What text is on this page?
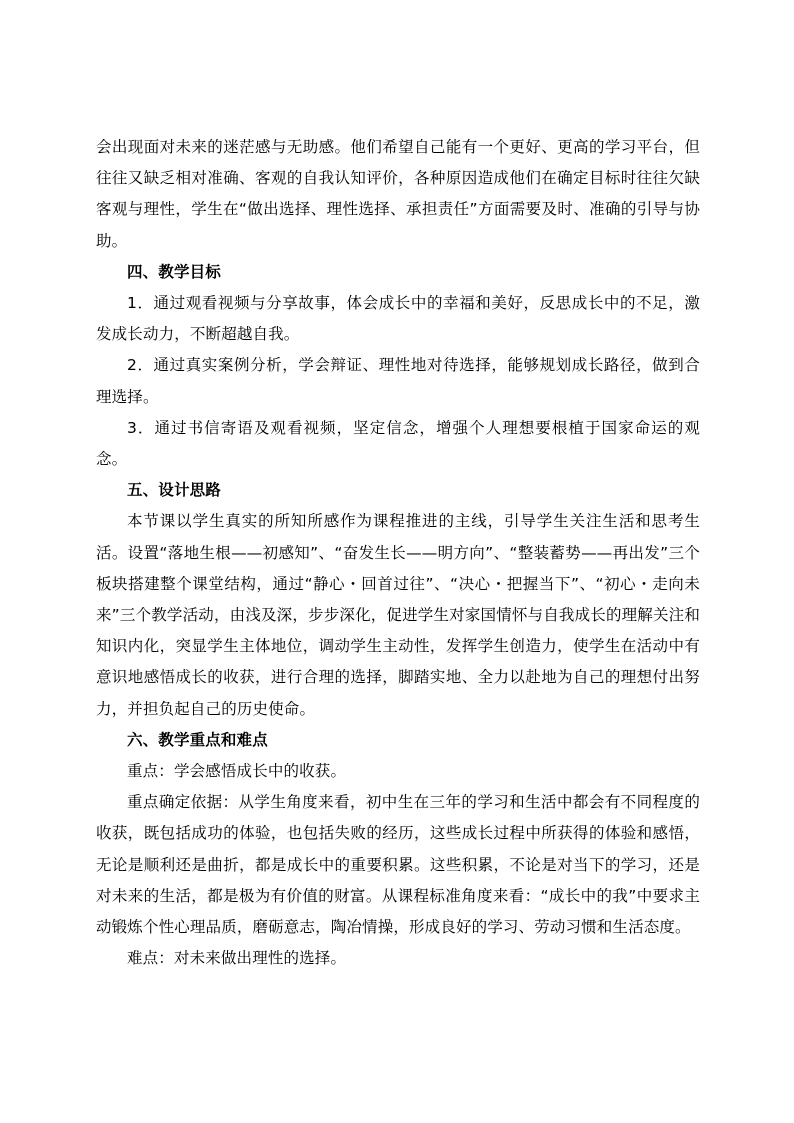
会出现面对未来的迷茫感与无助感。他们希望自己能有一个更好、更高的学习平台，但往往又缺乏相对准确、客观的自我认知评价，各种原因造成他们在确定目标时往往欠缺客观与理性，学生在“做出选择、理性选择、承担责任”方面需要及时、准确的引导与协助。

四、教学目标

1．通过观看视频与分享故事，体会成长中的幸福和美好，反思成长中的不足，激发成长动力，不断超越自我。

2．通过真实案例分析，学会辩证、理性地对待选择，能够规划成长路径，做到合理选择。

3．通过书信寄语及观看视频，坚定信念，增强个人理想要根植于国家命运的观念。

五、设计思路

本节课以学生真实的所知所感作为课程推进的主线，引导学生关注生活和思考生活。设置“落地生根——初感知”、“奋发生长——明方向”、“整装蓄势——再出发”三个板块搭建整个课堂结构，通过“静心・回首过往”、“决心・把握当下”、“初心・走向未来”三个教学活动，由浅及深，步步深化，促进学生对家国情怀与自我成长的理解关注和知识内化，突显学生主体地位，调动学生主动性，发挥学生创造力，使学生在活动中有意识地感悟成长的收获，进行合理的选择，脚踏实地、全力以赴地为自己的理想付出努力，并担负起自己的历史使命。

六、教学重点和难点

重点：学会感悟成长中的收获。

重点确定依据：从学生角度来看，初中生在三年的学习和生活中都会有不同程度的收获，既包括成功的体验，也包括失败的经历，这些成长过程中所获得的体验和感悟，无论是顺利还是曲折，都是成长中的重要积累。这些积累，不论是对当下的学习，还是对未来的生活，都是极为有价值的财富。从课程标准角度来看：“成长中的我”中要求主动锻炼个性心理品质，磨砺意志，陶冶情操，形成良好的学习、劳动习惯和生活态度。

难点：对未来做出理性的选择。
